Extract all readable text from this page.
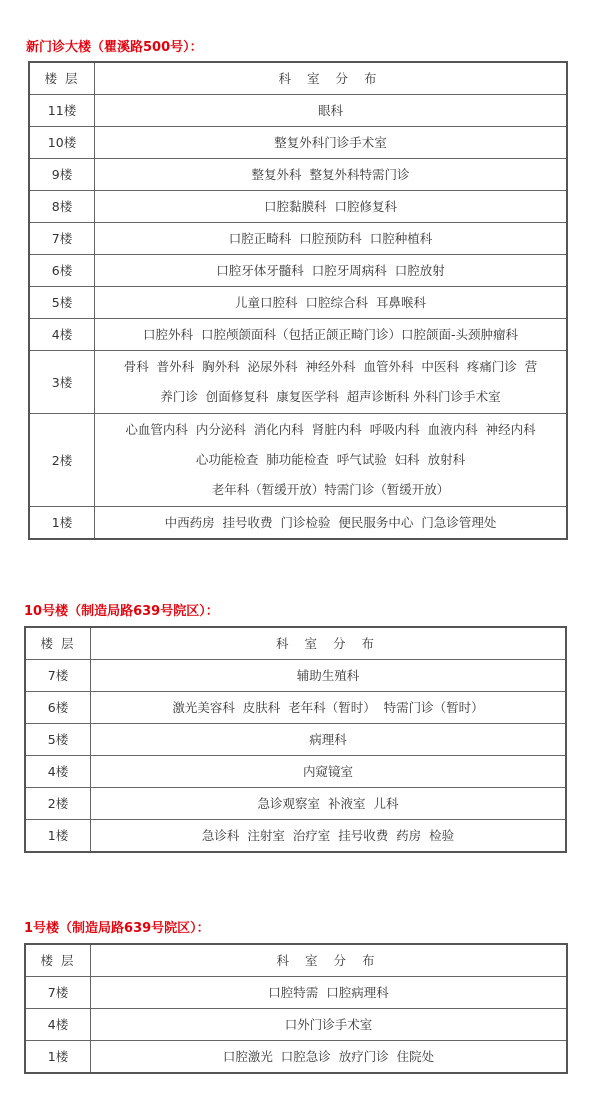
新门诊大楼（瞿溪路500号）：
楼 层	科 室 分 布
11楼	眼科

10楼	整复外科门诊手术室

9楼	整复外科  整复外科特需门诊

8楼	口腔黏膜科  口腔修复科

7楼	口腔正畸科  口腔预防科  口腔种植科

6楼	口腔牙体牙髓科  口腔牙周病科  口腔放射

5楼	儿童口腔科  口腔综合科  耳鼻喉科

4楼	口腔外科  口腔颅颌面科（包括正颌正畸门诊）口腔颌面-头颈肿瘤科

3楼	骨科  普外科  胸外科  泌尿外科  神经外科  血管外科  中医科  疼痛门诊  营
养门诊  创面修复科  康复医学科  超声诊断科 外科门诊手术室

2楼	心血管内科  内分泌科  消化内科  肾脏内科  呼吸内科  血液内科  神经内科
心功能检查  肺功能检查  呼气试验  妇科  放射科
老年科（暂缓开放）特需门诊（暂缓开放）

1楼	中西药房  挂号收费  门诊检验  便民服务中心  门急诊管理处
10号楼（制造局路639号院区）：
楼 层	科 室 分 布
7楼	辅助生殖科

6楼	激光美容科  皮肤科  老年科（暂时）  特需门诊（暂时）

5楼	病理科

4楼	内窥镜室

2楼	急诊观察室  补液室  儿科

1楼	急诊科  注射室  治疗室  挂号收费  药房  检验
1号楼（制造局路639号院区）：
楼 层	科 室 分 布
7楼	口腔特需  口腔病理科

4楼	口外门诊手术室

1楼	口腔激光  口腔急诊  放疗门诊  住院处
